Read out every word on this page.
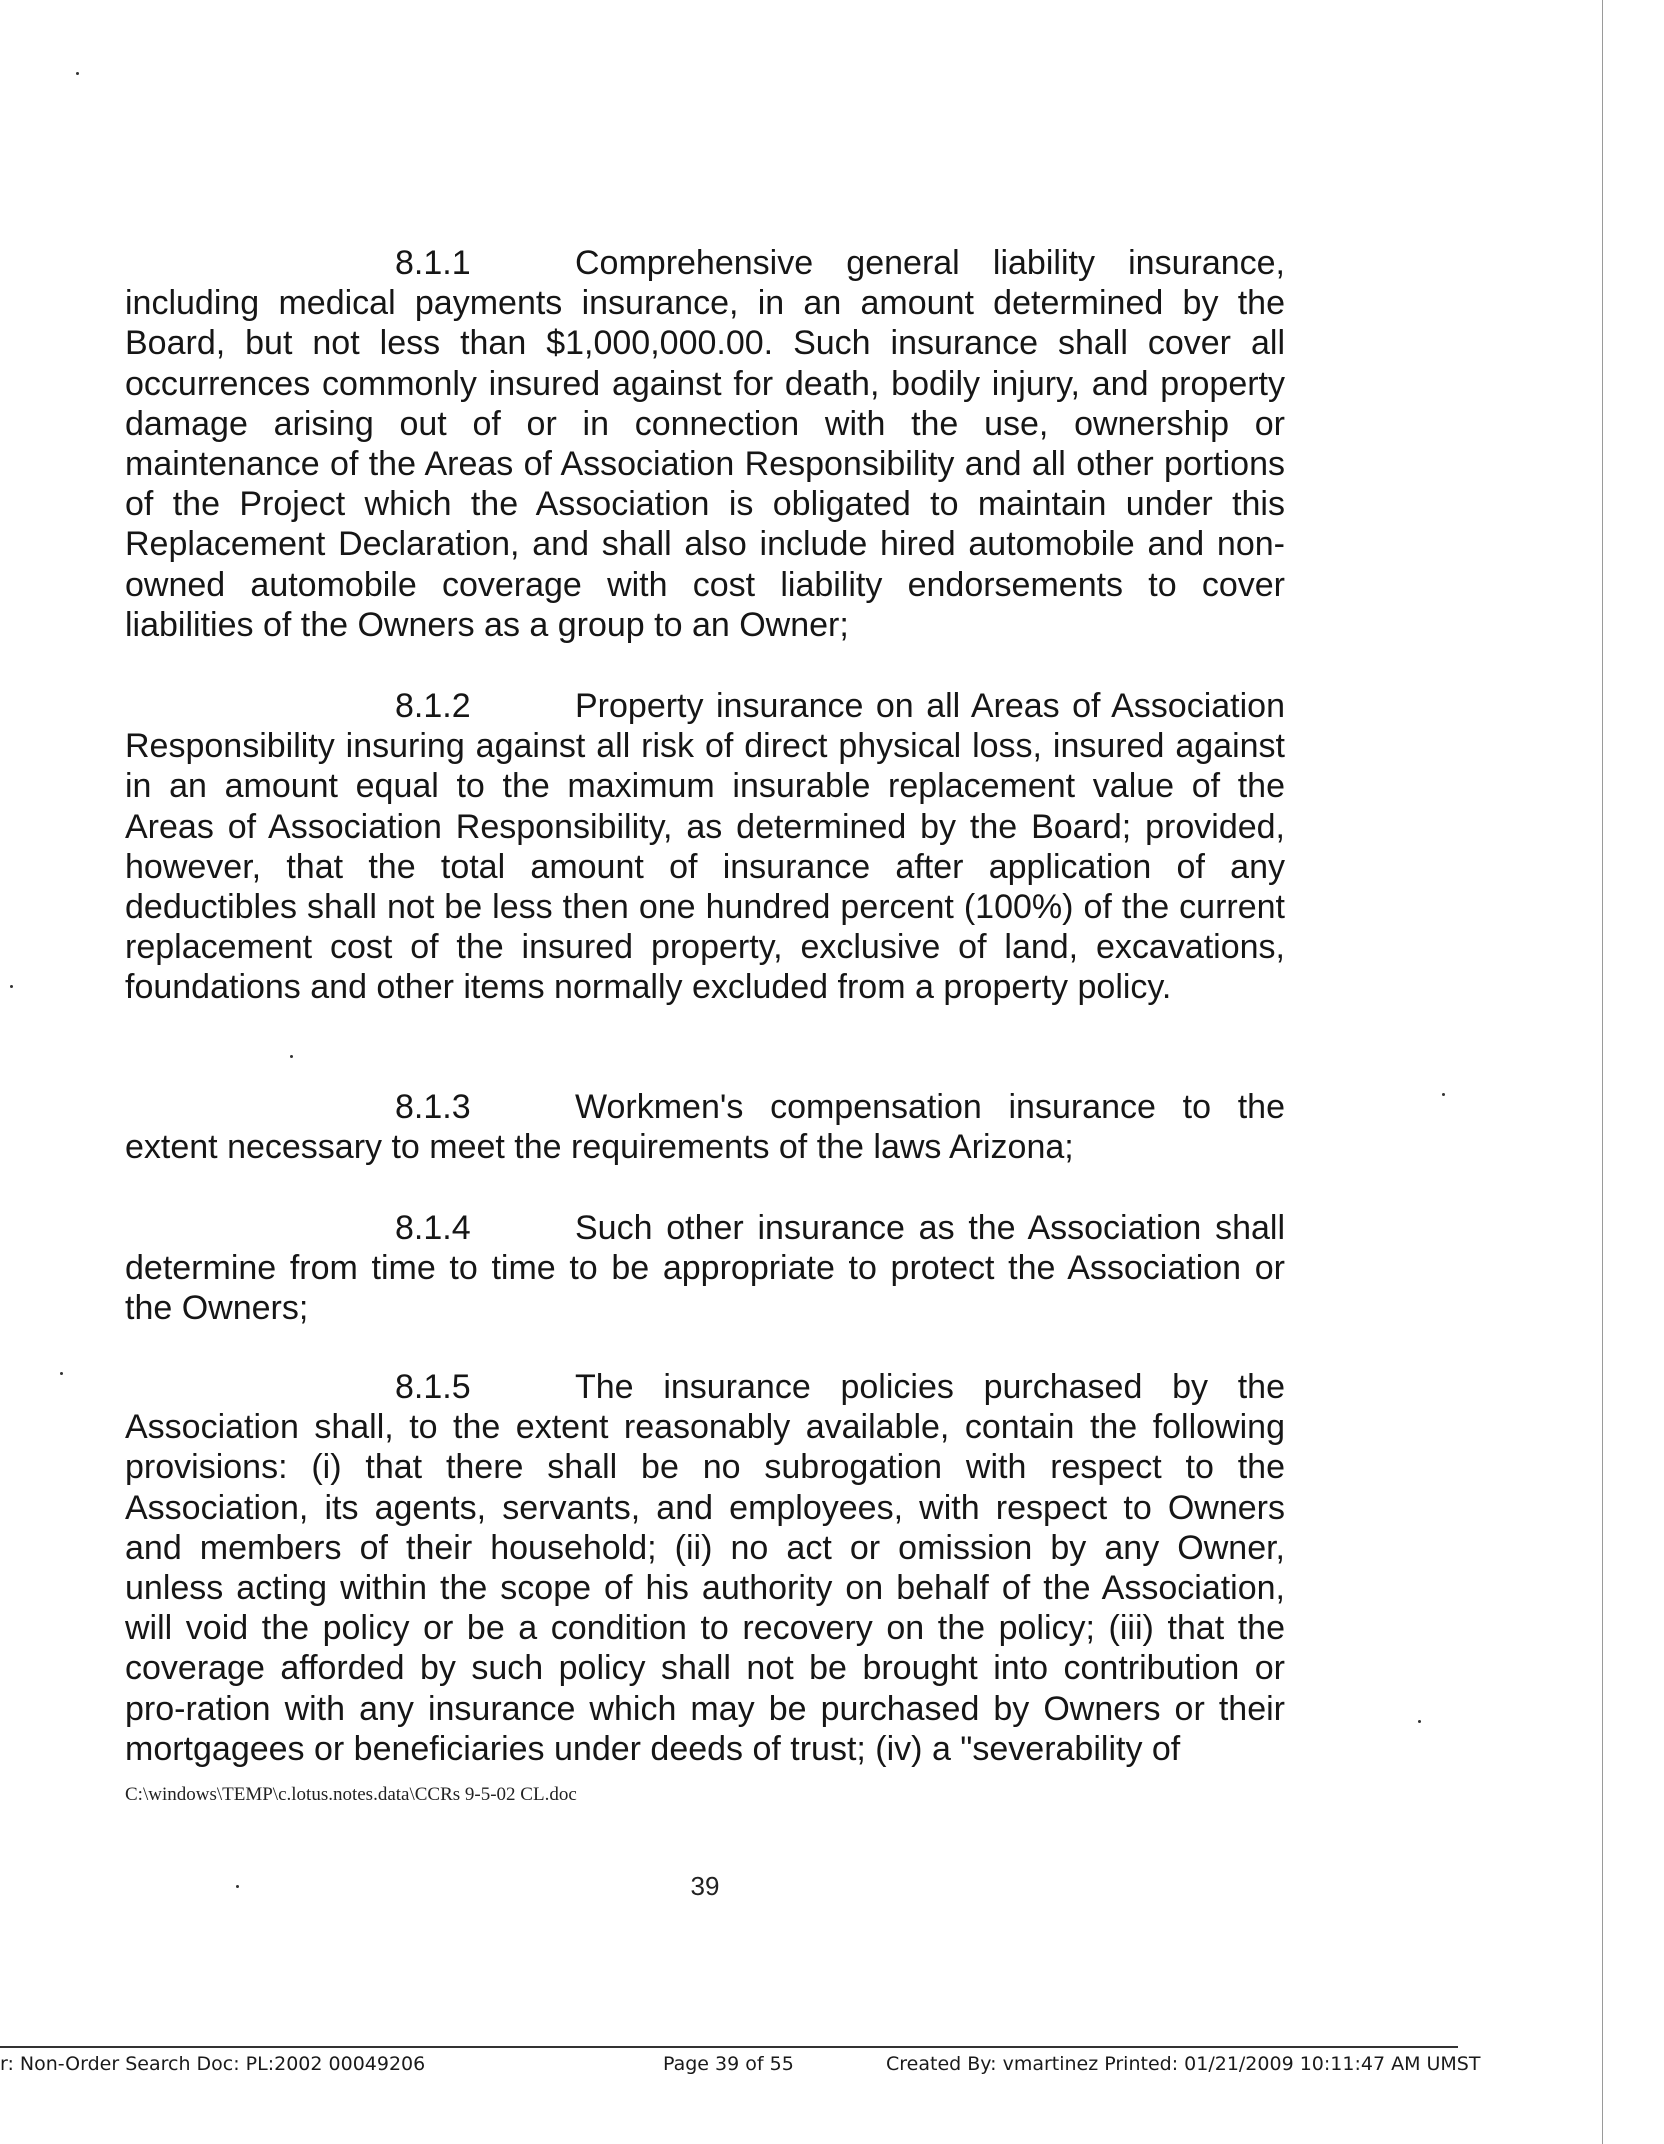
8.1.1	Comprehensive general liability insurance, including medical payments insurance, in an amount determined by the Board, but not less than $1,000,000.00. Such insurance shall cover all occurrences commonly insured against for death, bodily injury, and property damage arising out of or in connection with the use, ownership or maintenance of the Areas of Association Responsibility and all other portions of the Project which the Association is obligated to maintain under this Replacement Declaration, and shall also include hired automobile and non-owned automobile coverage with cost liability endorsements to cover liabilities of the Owners as a group to an Owner;

8.1.2	Property insurance on all Areas of Association Responsibility insuring against all risk of direct physical loss, insured against in an amount equal to the maximum insurable replacement value of the Areas of Association Responsibility, as determined by the Board; provided, however, that the total amount of insurance after application of any deductibles shall not be less then one hundred percent (100%) of the current replacement cost of the insured property, exclusive of land, excavations, foundations and other items normally excluded from a property policy.

8.1.3	Workmen's compensation insurance to the extent necessary to meet the requirements of the laws Arizona;

8.1.4	Such other insurance as the Association shall determine from time to time to be appropriate to protect the Association or the Owners;

8.1.5	The insurance policies purchased by the Association shall, to the extent reasonably available, contain the following provisions: (i) that there shall be no subrogation with respect to the Association, its agents, servants, and employees, with respect to Owners and members of their household; (ii) no act or omission by any Owner, unless acting within the scope of his authority on behalf of the Association, will void the policy or be a condition to recovery on the policy; (iii) that the coverage afforded by such policy shall not be brought into contribution or pro-ration with any insurance which may be purchased by Owners or their mortgagees or beneficiaries under deeds of trust; (iv) a "severability of

C:\windows\TEMP\c.lotus.notes.data\CCRs 9-5-02 CL.doc
39
r: Non-Order Search Doc: PL:2002 00049206	Page 39 of 55	Created By: vmartinez Printed: 01/21/2009 10:11:47 AM UMST
